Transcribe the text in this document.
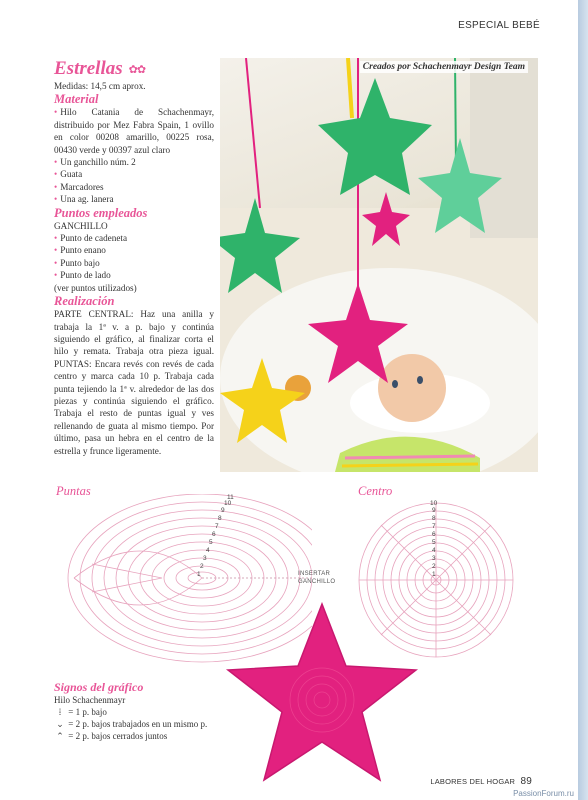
ESPECIAL BEBÉ
Estrellas ✿✿

Medidas: 14,5 cm aprox.

Material

• Hilo Catania de Schachenmayr, distribuido por Mez Fabra Spain, 1 ovillo en color 00208 amarillo, 00225 rosa, 00430 verde y 00397 azul claro

• Un ganchillo núm. 2

• Guata

• Marcadores

• Una ag. lanera

Puntos empleados

GANCHILLO

• Punto de cadeneta

• Punto enano

• Punto bajo

• Punto de lado

(ver puntos utilizados)

Realización

PARTE CENTRAL: Haz una anilla y trabaja la 1ª v. a p. bajo y continúa siguiendo el gráfico, al finalizar corta el hilo y remata. Trabaja otra pieza igual. PUNTAS: Encara revés con revés de cada centro y marca cada 10 p. Trabaja cada punta tejiendo la 1ª v. alrededor de las dos piezas y continúa siguiendo el gráfico. Trabaja el resto de puntas igual y ves rellenando de guata al mismo tiempo. Por último, pasa un hebra en el centro de la estrella y frunce ligeramente.

Creados por Schachenmayr Design Team
Puntas	Centro
1
2
3
4
5
6
7
8
9
10
11
INSERTAR
GANCHILLO
1
2
3
4
5
6
7
8
9
10

Signos del gráfico

Hilo Schachenmayr
⁞ = 1 p. bajo
⌄ = 2 p. bajos trabajados en un mismo p.
⌃ = 2 p. bajos cerrados juntos
LABORES DEL HOGAR 89
PassionForum.ru
